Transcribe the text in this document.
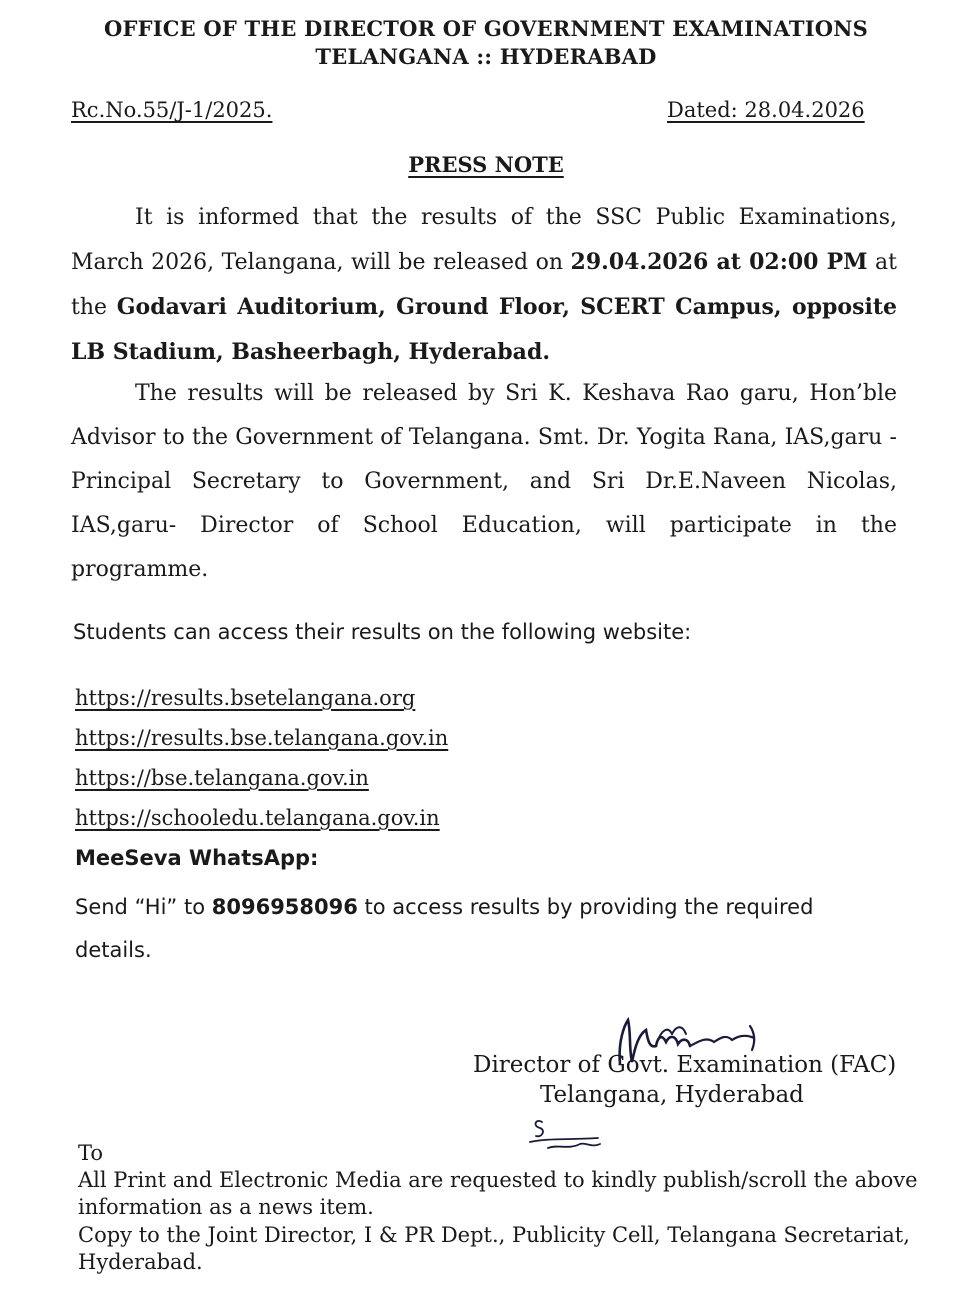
OFFICE OF THE DIRECTOR OF GOVERNMENT EXAMINATIONS
TELANGANA :: HYDERABAD
Rc.No.55/J-1/2025.	Dated: 28.04.2026
PRESS NOTE
It is informed that the results of the SSC Public Examinations, March 2026, Telangana, will be released on 29.04.2026 at 02:00 PM at the Godavari Auditorium, Ground Floor, SCERT Campus, opposite LB Stadium, Basheerbagh, Hyderabad.
The results will be released by Sri K. Keshava Rao garu, Hon’ble Advisor to the Government of Telangana. Smt. Dr. Yogita Rana, IAS,garu -Principal Secretary to Government, and Sri Dr.E.Naveen Nicolas, IAS,garu- Director of School Education, will participate in the programme.
Students can access their results on the following website:
https://results.bsetelangana.org
https://results.bse.telangana.gov.in
https://bse.telangana.gov.in
https://schooledu.telangana.gov.in
MeeSeva WhatsApp:
Send “Hi” to 8096958096 to access results by providing the required details.
Director of Govt. Examination (FAC)
Telangana, Hyderabad
To
All Print and Electronic Media are requested to kindly publish/scroll the above information as a news item.
Copy to the Joint Director, I & PR Dept., Publicity Cell, Telangana Secretariat, Hyderabad.
